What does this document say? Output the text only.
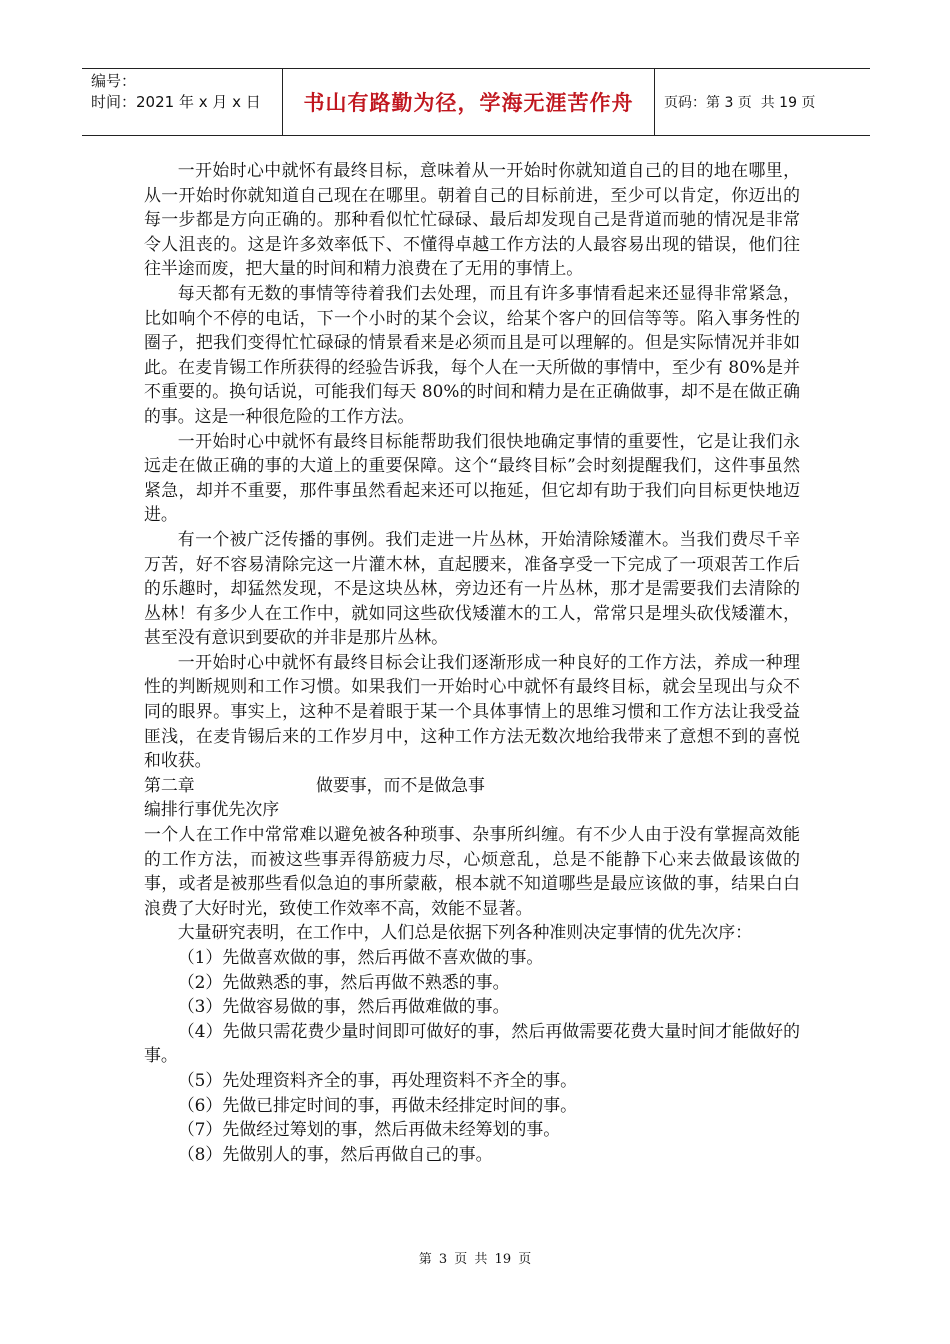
编号：
时间：2021 年 x 月 x 日	书山有路勤为径，学海无涯苦作舟	页码：第 3 页  共 19 页

一开始时心中就怀有最终目标，意味着从一开始时你就知道自己的目的地在哪里，从一开始时你就知道自己现在在哪里。朝着自己的目标前进，至少可以肯定，你迈出的每一步都是方向正确的。那种看似忙忙碌碌、最后却发现自己是背道而驰的情况是非常令人沮丧的。这是许多效率低下、不懂得卓越工作方法的人最容易出现的错误，他们往往半途而废，把大量的时间和精力浪费在了无用的事情上。

每天都有无数的事情等待着我们去处理，而且有许多事情看起来还显得非常紧急，比如响个不停的电话，下一个小时的某个会议，给某个客户的回信等等。陷入事务性的圈子，把我们变得忙忙碌碌的情景看来是必须而且是可以理解的。但是实际情况并非如此。在麦肯锡工作所获得的经验告诉我，每个人在一天所做的事情中，至少有 80%是并不重要的。换句话说，可能我们每天 80%的时间和精力是在正确做事，却不是在做正确的事。这是一种很危险的工作方法。

一开始时心中就怀有最终目标能帮助我们很快地确定事情的重要性，它是让我们永远走在做正确的事的大道上的重要保障。这个“最终目标”会时刻提醒我们，这件事虽然紧急，却并不重要，那件事虽然看起来还可以拖延，但它却有助于我们向目标更快地迈进。

有一个被广泛传播的事例。我们走进一片丛林，开始清除矮灌木。当我们费尽千辛万苦，好不容易清除完这一片灌木林，直起腰来，准备享受一下完成了一项艰苦工作后的乐趣时，却猛然发现，不是这块丛林，旁边还有一片丛林，那才是需要我们去清除的丛林！有多少人在工作中，就如同这些砍伐矮灌木的工人，常常只是埋头砍伐矮灌木，甚至没有意识到要砍的并非是那片丛林。

一开始时心中就怀有最终目标会让我们逐渐形成一种良好的工作方法，养成一种理性的判断规则和工作习惯。如果我们一开始时心中就怀有最终目标，就会呈现出与众不同的眼界。事实上，这种不是着眼于某一个具体事情上的思维习惯和工作方法让我受益匪浅，在麦肯锡后来的工作岁月中，这种工作方法无数次地给我带来了意想不到的喜悦和收获。

第二章	做要事，而不是做急事

编排行事优先次序

一个人在工作中常常难以避免被各种琐事、杂事所纠缠。有不少人由于没有掌握高效能的工作方法，而被这些事弄得筋疲力尽，心烦意乱，总是不能静下心来去做最该做的事，或者是被那些看似急迫的事所蒙蔽，根本就不知道哪些是最应该做的事，结果白白浪费了大好时光，致使工作效率不高，效能不显著。

大量研究表明，在工作中，人们总是依据下列各种准则决定事情的优先次序：

（1）先做喜欢做的事，然后再做不喜欢做的事。

（2）先做熟悉的事，然后再做不熟悉的事。

（3）先做容易做的事，然后再做难做的事。

（4）先做只需花费少量时间即可做好的事，然后再做需要花费大量时间才能做好的事。

（5）先处理资料齐全的事，再处理资料不齐全的事。

（6）先做已排定时间的事，再做未经排定时间的事。

（7）先做经过筹划的事，然后再做未经筹划的事。

（8）先做别人的事，然后再做自己的事。

第 3 页 共 19 页
